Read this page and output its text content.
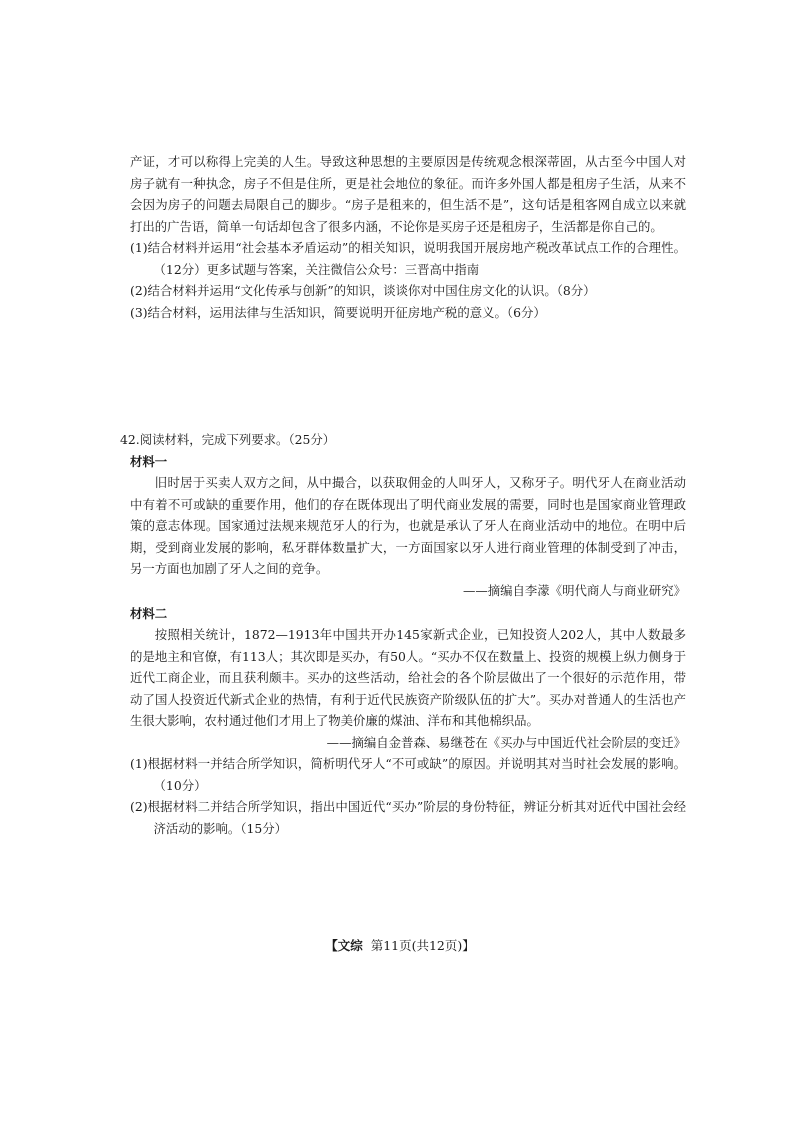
产证，才可以称得上完美的人生。导致这种思想的主要原因是传统观念根深蒂固，从古至今中国人对房子就有一种执念，房子不但是住所，更是社会地位的象征。而许多外国人都是租房子生活，从来不会因为房子的问题去局限自己的脚步。“房子是租来的，但生活不是”，这句话是租客网自成立以来就打出的广告语，简单一句话却包含了很多内涵，不论你是买房子还是租房子，生活都是你自己的。

(1)结合材料并运用“社会基本矛盾运动”的相关知识，说明我国开展房地产税改革试点工作的合理性。（12分）更多试题与答案，关注微信公众号：三晋高中指南

(2)结合材料并运用“文化传承与创新”的知识，谈谈你对中国住房文化的认识。（8分）

(3)结合材料，运用法律与生活知识，简要说明开征房地产税的意义。（6分）

42.阅读材料，完成下列要求。（25分）

材料一

旧时居于买卖人双方之间，从中撮合，以获取佣金的人叫牙人，又称牙子。明代牙人在商业活动中有着不可或缺的重要作用，他们的存在既体现出了明代商业发展的需要，同时也是国家商业管理政策的意志体现。国家通过法规来规范牙人的行为，也就是承认了牙人在商业活动中的地位。在明中后期，受到商业发展的影响，私牙群体数量扩大，一方面国家以牙人进行商业管理的体制受到了冲击，另一方面也加剧了牙人之间的竞争。

——摘编自李濛《明代商人与商业研究》

材料二

按照相关统计，1872—1913年中国共开办145家新式企业，已知投资人202人，其中人数最多的是地主和官僚，有113人；其次即是买办，有50人。“买办不仅在数量上、投资的规模上纵力侧身于近代工商企业，而且获利颇丰。买办的这些活动，给社会的各个阶层做出了一个很好的示范作用，带动了国人投资近代新式企业的热情，有利于近代民族资产阶级队伍的扩大”。买办对普通人的生活也产生很大影响，农村通过他们才用上了物美价廉的煤油、洋布和其他棉织品。

——摘编自金普森、易继苍在《买办与中国近代社会阶层的变迁》

(1)根据材料一并结合所学知识，简析明代牙人“不可或缺”的原因。并说明其对当时社会发展的影响。（10分）

(2)根据材料二并结合所学知识，指出中国近代“买办”阶层的身份特征，辨证分析其对近代中国社会经济活动的影响。（15分）

【文综 第11页(共12页)】
